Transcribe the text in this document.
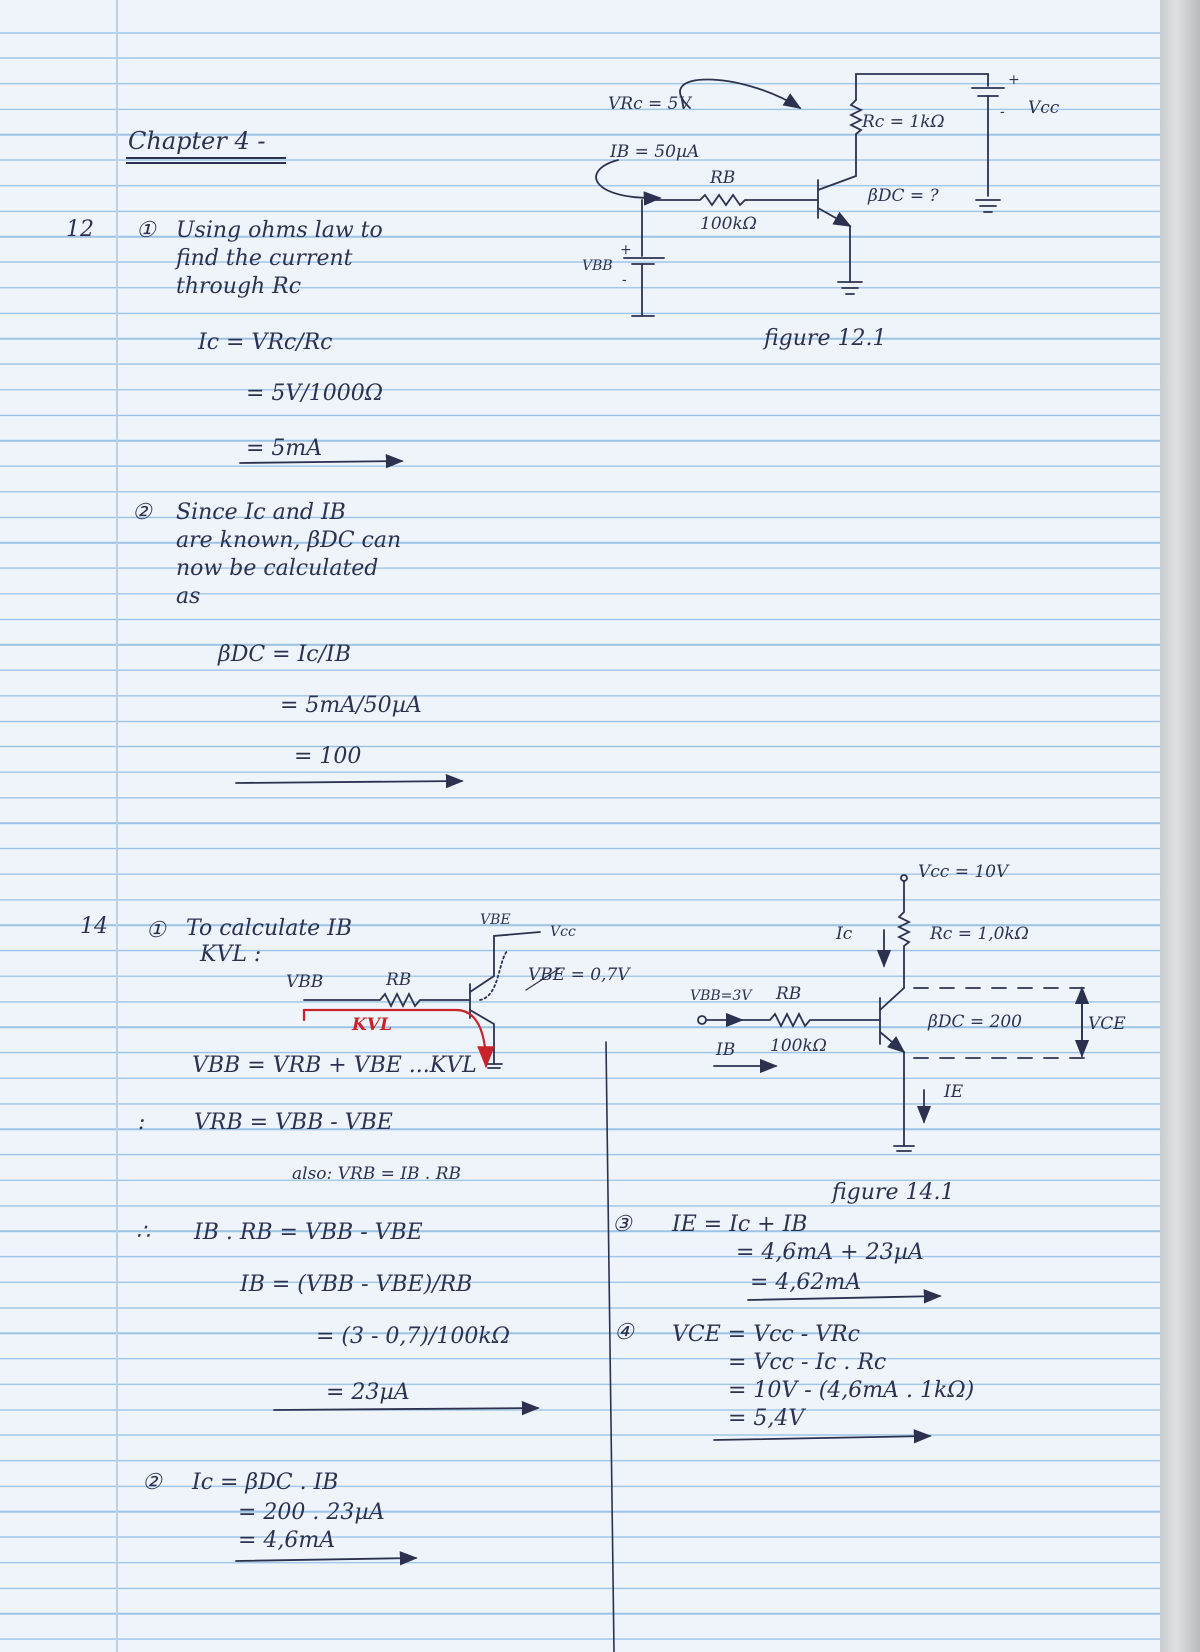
Chapter 4 -
12 ① Using ohms law to
find the current
through Rc
Ic = VRc/Rc
= 5V/1000Ω
= 5mA
② Since Ic and IB
are known, βDC can
now be calculated
as
βDC = Ic/IB
= 5mA/50µA
= 100
VRc = 5V
IB = 50µA
Rc = 1kΩ
Vcc
+
-
RB
100kΩ
βDC = ?
VBB
+
-
figure 12.1
14 ① To calculate IB
KVL :
VBE
Vcc
VBE = 0,7V
VBB	RB
KVL
VBB = VRB + VBE ...KVL
: VRB = VBB - VBE
also: VRB = IB . RB
∴ IB . RB = VBB - VBE
IB = (VBB - VBE)/RB
= (3 - 0,7)/100kΩ
= 23µA
② Ic = βDC . IB
= 200 . 23µA
= 4,6mA
③ IE = Ic + IB
= 4,6mA + 23µA
= 4,62mA
④ VCE = Vcc - VRc
= Vcc - Ic . Rc
= 10V - (4,6mA . 1kΩ)
= 5,4V
Vcc = 10V
Ic	Rc = 1,0kΩ
VBB=3V RB
βDC = 200	VCE
IB 100kΩ
IE
figure 14.1
